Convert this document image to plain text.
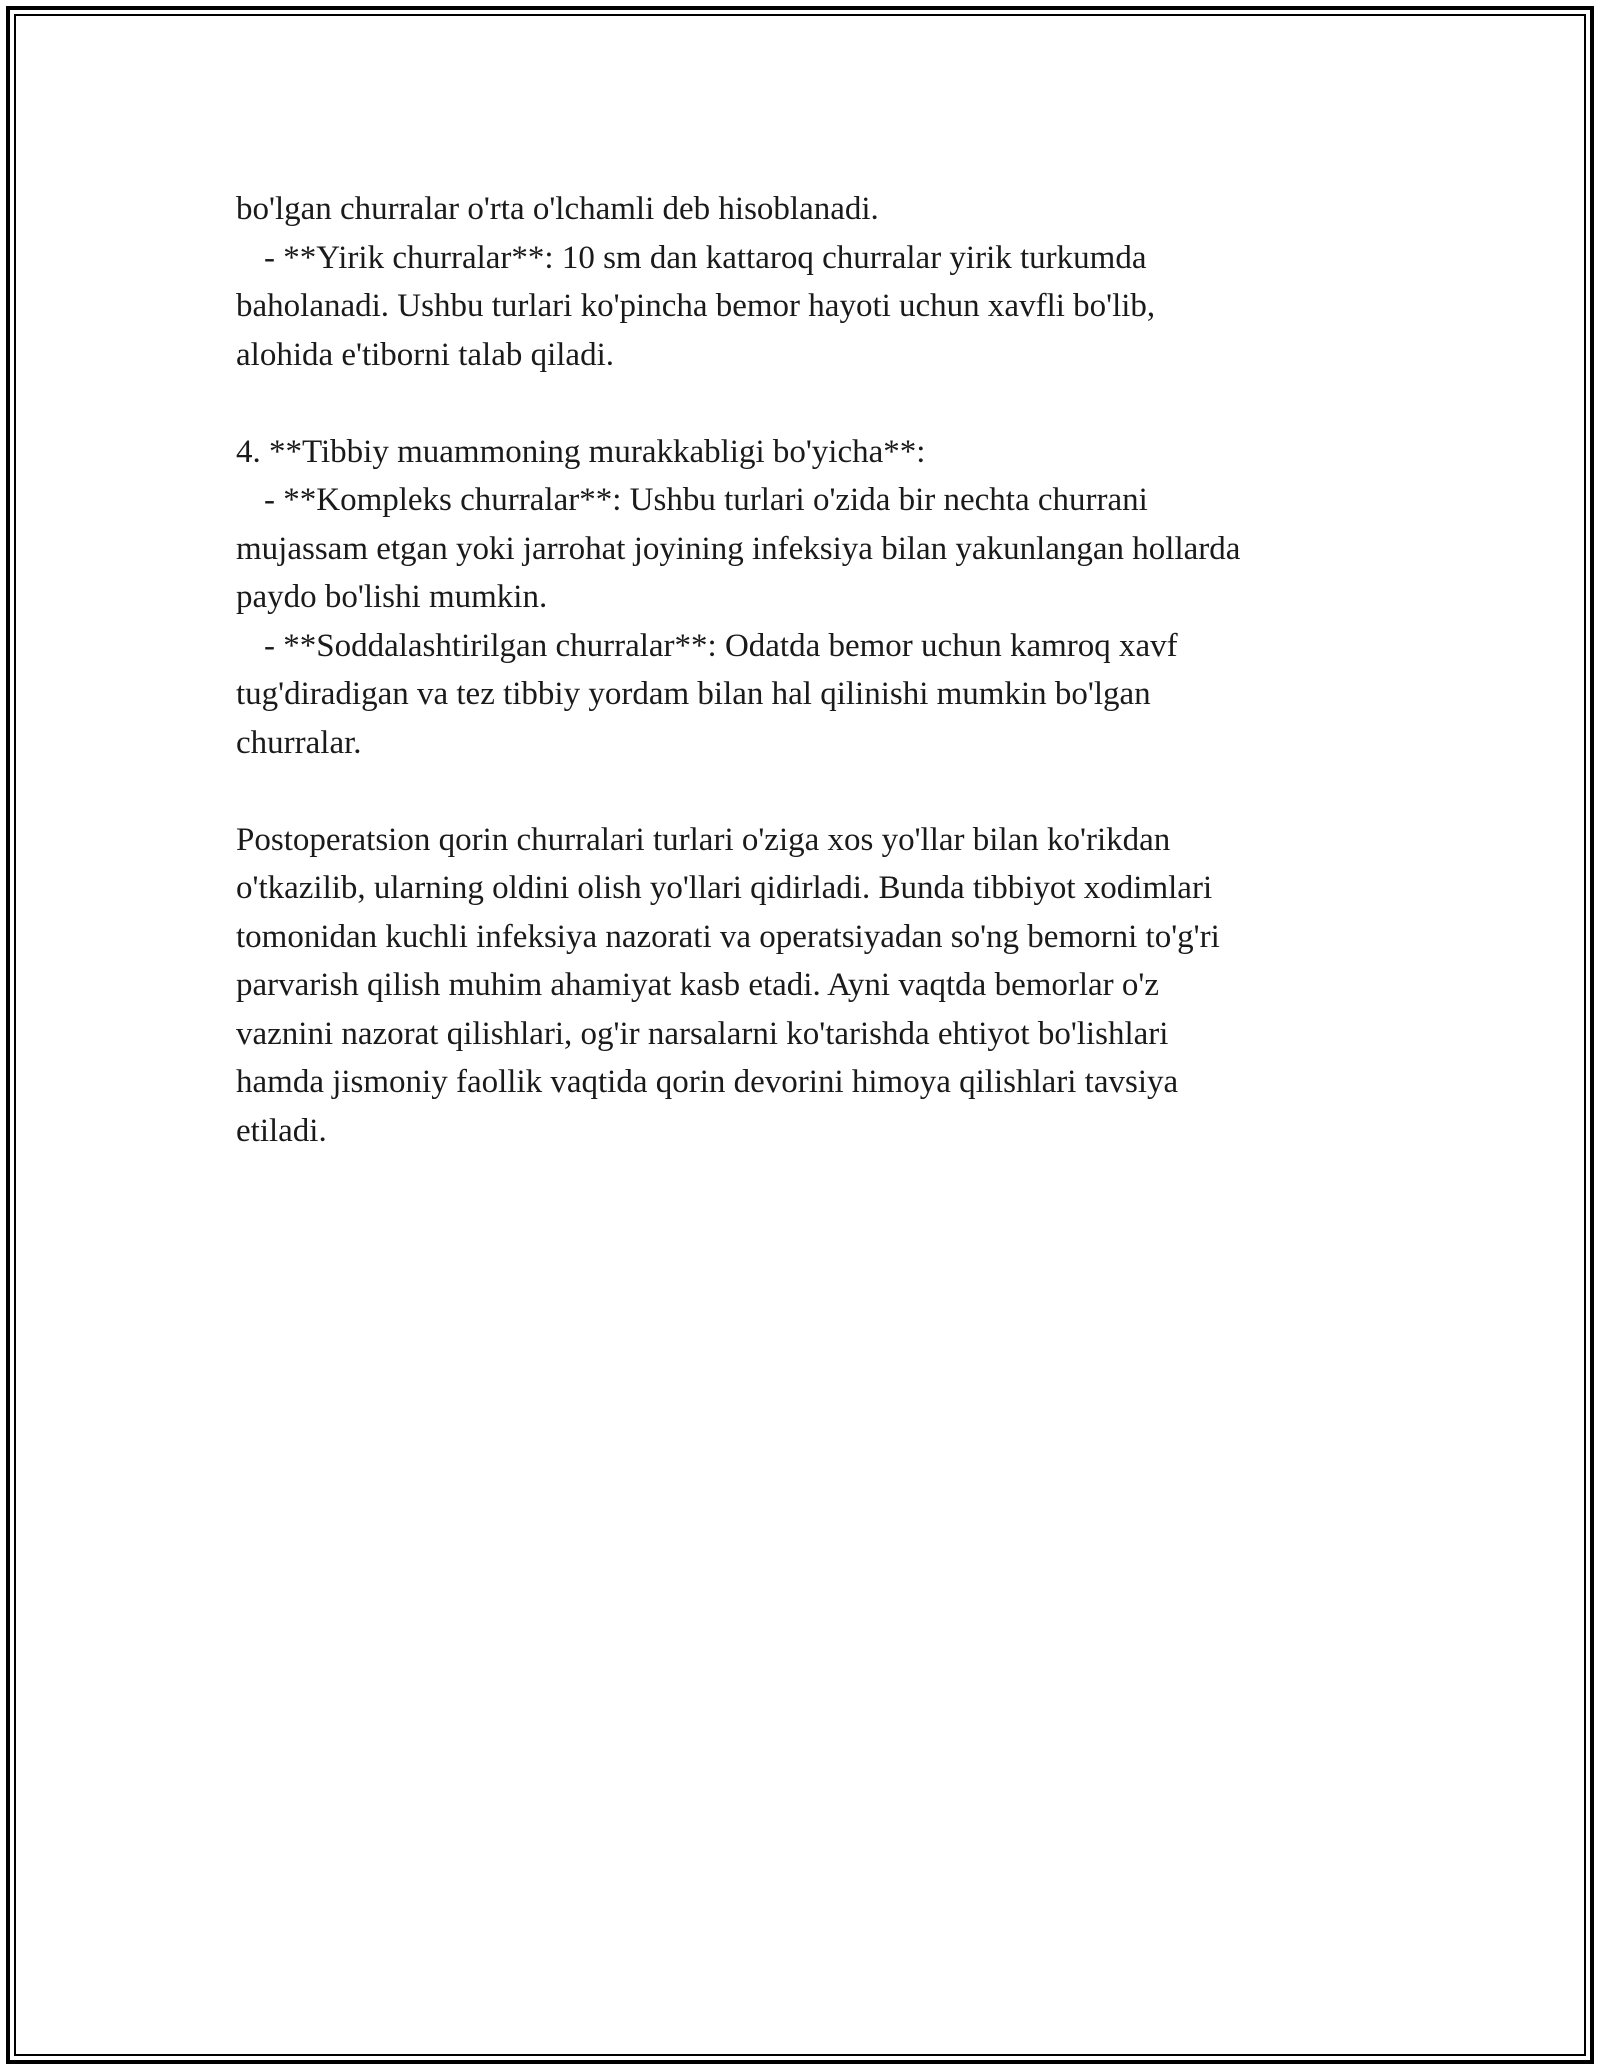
bo'lgan churralar o'rta o'lchamli deb hisoblanadi.
- **Yirik churralar**: 10 sm dan kattaroq churralar yirik turkumda
baholanadi. Ushbu turlari ko'pincha bemor hayoti uchun xavfli bo'lib,
alohida e'tiborni talab qiladi.
4. **Tibbiy muammoning murakkabligi bo'yicha**:
- **Kompleks churralar**: Ushbu turlari o'zida bir nechta churrani
mujassam etgan yoki jarrohat joyining infeksiya bilan yakunlangan hollarda
paydo bo'lishi mumkin.
- **Soddalashtirilgan churralar**: Odatda bemor uchun kamroq xavf
tug'diradigan va tez tibbiy yordam bilan hal qilinishi mumkin bo'lgan
churralar.
Postoperatsion qorin churralari turlari o'ziga xos yo'llar bilan ko'rikdan
o'tkazilib, ularning oldini olish yo'llari qidirladi. Bunda tibbiyot xodimlari
tomonidan kuchli infeksiya nazorati va operatsiyadan so'ng bemorni to'g'ri
parvarish qilish muhim ahamiyat kasb etadi. Ayni vaqtda bemorlar o'z
vaznini nazorat qilishlari, og'ir narsalarni ko'tarishda ehtiyot bo'lishlari
hamda jismoniy faollik vaqtida qorin devorini himoya qilishlari tavsiya
etiladi.
